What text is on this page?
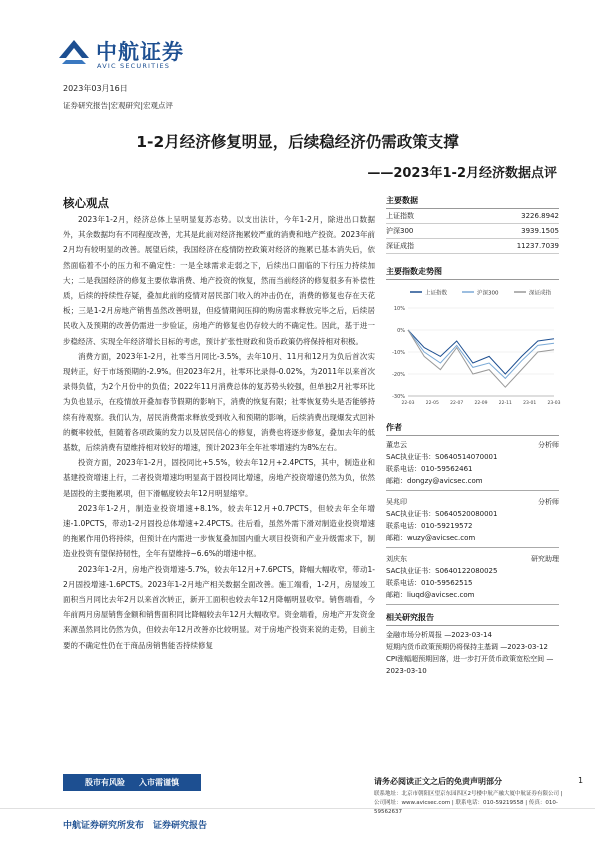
中航证券
AVIC SECURITIES
2023年03月16日
证券研究报告|宏观研究|宏观点评
1-2月经济修复明显，后续稳经济仍需政策支撑
——2023年1-2月经济数据点评
核心观点

2023年1-2月，经济总体上呈明显复苏态势。以支出法计，今年1-2月，除进出口数据外，其余数据均有不同程度改善，尤其是此前对经济拖累较严重的消费和地产投资。2023年前2月均有较明显的改善。展望后续，我国经济在疫情防控政策对经济的拖累已基本消失后，依然面临着不小的压力和不确定性：一是全球需求走弱之下，后续出口面临的下行压力持续加大；二是我国经济的修复主要依靠消费、地产投资的恢复，然而当前经济的修复很多有补偿性质，后续的持续性存疑，叠加此前的疫情对居民部门收入的冲击仍在，消费的修复也存在天花板；三是1-2月房地产销售虽然改善明显，但疫情期间压抑的购房需求释放完毕之后，后续居民收入及预期的改善仍需进一步验证，房地产的修复也仍存较大的不确定性。因此，基于进一步稳经济、实现全年经济增长目标的考虑，预计扩张性财政和货币政策仍将保持相对积极。

消费方面，2023年1-2月，社零当月同比-3.5%，去年10月、11月和12月为负后首次实现转正，好于市场预期的-2.9%。但2023年2月，社零环比录得-0.02%，为2011年以来首次录得负值，为2个月份中的负值；2022年11月消费总体的复苏势头较强，但单独2月社零环比为负也显示，在疫情放开叠加春节假期的影响下，消费的恢复有限；社零恢复势头是否能够持续有待观察。我们认为，居民消费需求释放受到收入和预期的影响，后续消费出现爆发式回补的概率较低，但随着各项政策的发力以及居民信心的修复，消费也将逐步修复，叠加去年的低基数，后续消费有望维持相对较好的增速，预计2023年全年社零增速约为8%左右。

投资方面，2023年1-2月，固投同比+5.5%，较去年12月+2.4PCTS，其中，制造业和基建投资增速上行，二者投资增速均明显高于固投同比增速，房地产投资增速仍然为负，依然是固投的主要拖累项，但下滑幅度较去年12月明显缩窄。

2023年1-2月，制造业投资增速+8.1%，较去年12月+0.7PCTS，但较去年全年增速-1.0PCTS，带动1-2月固投总体增速+2.4PCTS。往后看，虽然外需下滑对制造业投资增速的拖累作用仍将持续，但预计在内需进一步恢复叠加国内重大项目投资和产业升级需求下，制造业投资有望保持韧性，全年有望维持~6.6%的增速中枢。

2023年1-2月，房地产投资增速-5.7%，较去年12月+7.6PCTS，降幅大幅收窄，带动1-2月固投增速-1.6PCTS。2023年1-2月地产相关数据全面改善。施工端看，1-2月，房屋竣工面积当月同比去年2月以来首次转正，新开工面积也较去年12月降幅明显收窄。销售端看，今年前两月房屋销售金额和销售面积同比降幅较去年12月大幅收窄。资金端看，房地产开发资金来源虽然同比仍然为负，但较去年12月改善亦比较明显。对于房地产投资来说的走势，目前主要的不确定性仍在于商品房销售能否持续修复

主要数据
上证指数	3226.8942
沪深300	3939.1505
深证成指	11237.7039
主要指数走势图
上证指数	沪深300	深证成指
10%
0%
-10%
-20%
-30%
22-03	22-05	22-07	22-09	22-11	23-01	23-03
作者
董忠云	分析师
SAC执业证书：S0640514070001
联系电话：010-59562461
邮箱：dongzy@avicsec.com
吴兆印	分析师
SAC执业证书：S0640520080001
联系电话：010-59219572
邮箱：wuzy@avicsec.com
刘庆东	研究助理
SAC执业证书：S0640122080025
联系电话：010-59562515
邮箱：liuqd@avicsec.com
相关研究报告
金融市场分析周报 —2023-03-14
短期内货币政策预期仍将保持主基调 —2023-03-12
CPI涨幅超预期回落，进一步打开货币政策宽松空间 —2023-03-10
股市有风险 入市需谨慎	请务必阅读正文之后的免责声明部分	1
联系地址：北京市朝阳区望京东园四区2号楼中航产融大厦中航证券有限公司 | 公司网址：www.avicsec.com | 联系电话：010-59219558 | 传真：010-59562637
中航证券研究所发布　证券研究报告
